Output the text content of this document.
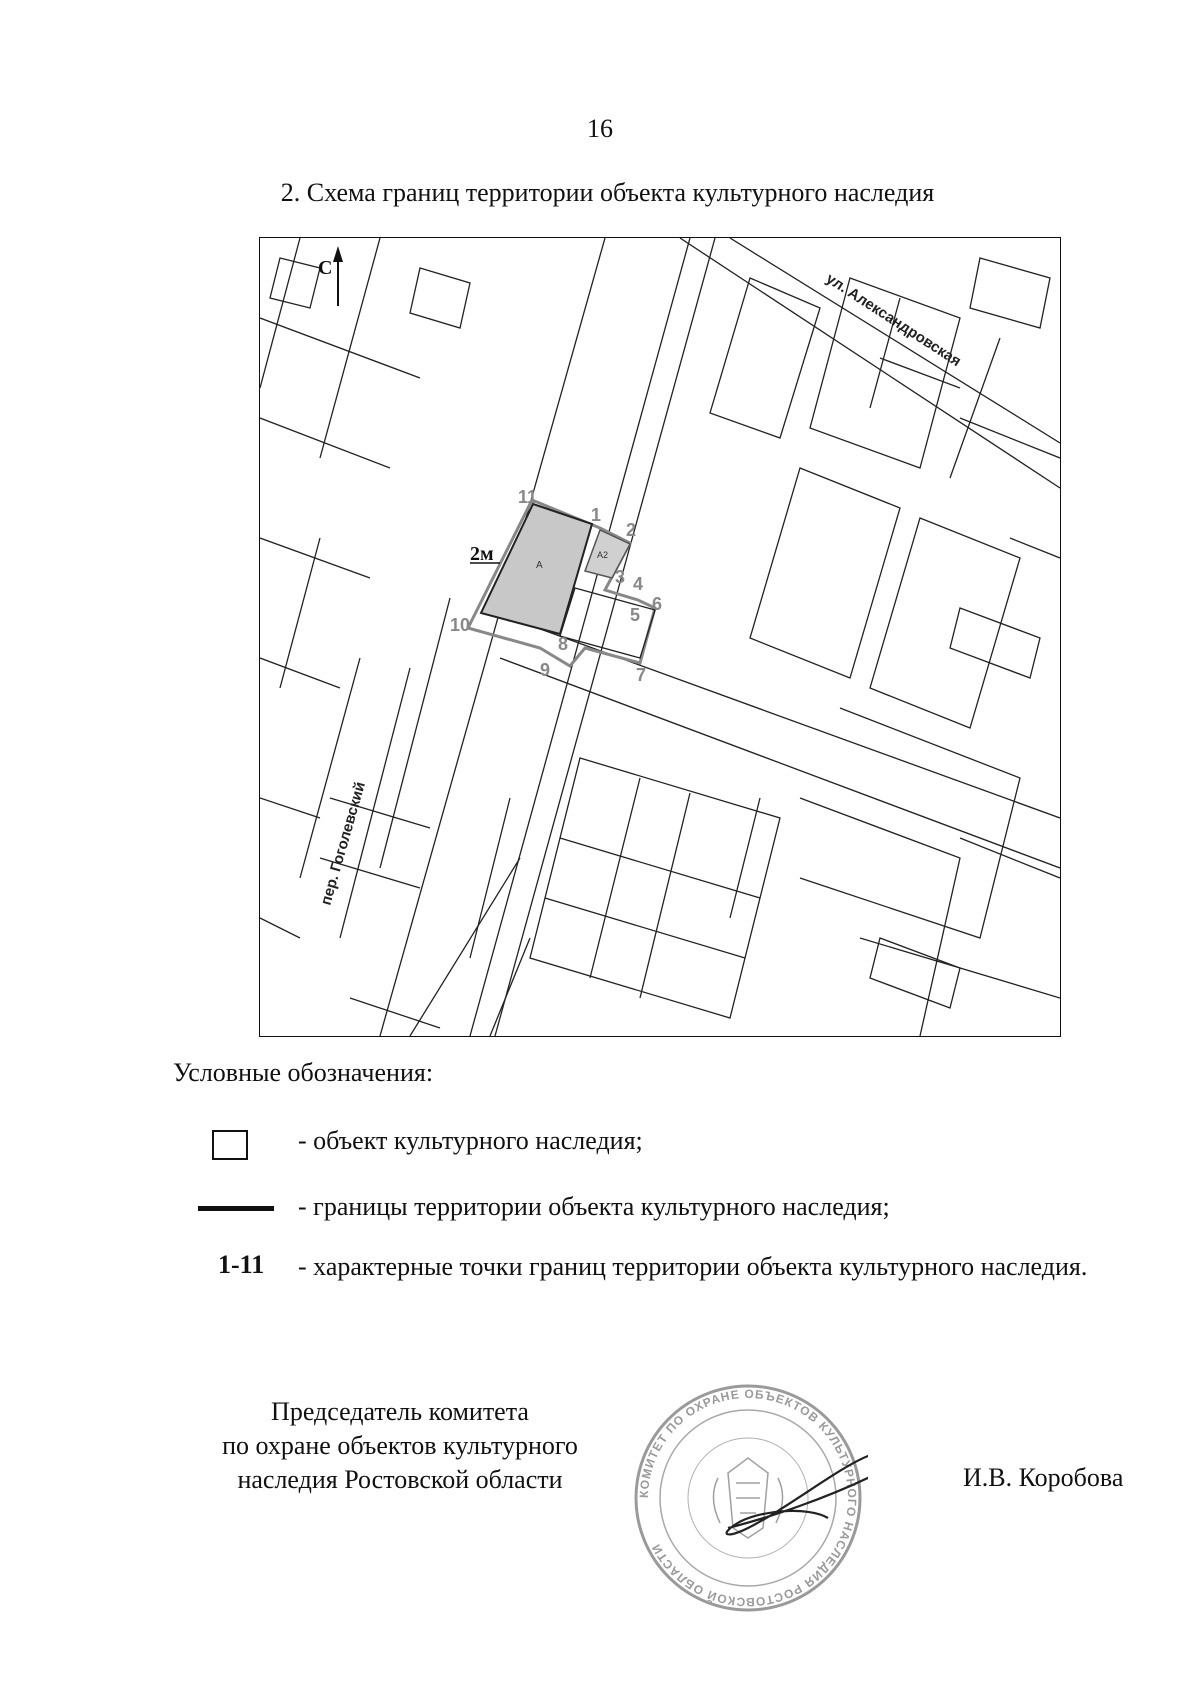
16
2. Схема границ территории объекта культурного наследия
А2
А
1
2
3 4
5
6
7
8
9
10
11
2м
С
ул. Александровская
пер. Гоголевский
Условные обозначения:
- объект культурного наследия;
- границы территории объекта культурного наследия;
1-11 - характерные точки границ территории объекта культурного наследия.
Председатель комитета
по охране объектов культурного
наследия Ростовской области	КОМИТЕТ ПО ОХРАНЕ ОБЪЕКТОВ КУЛЬТУРНОГО НАСЛЕДИЯ РОСТОВСКОЙ ОБЛАСТИ
И.В. Коробова
